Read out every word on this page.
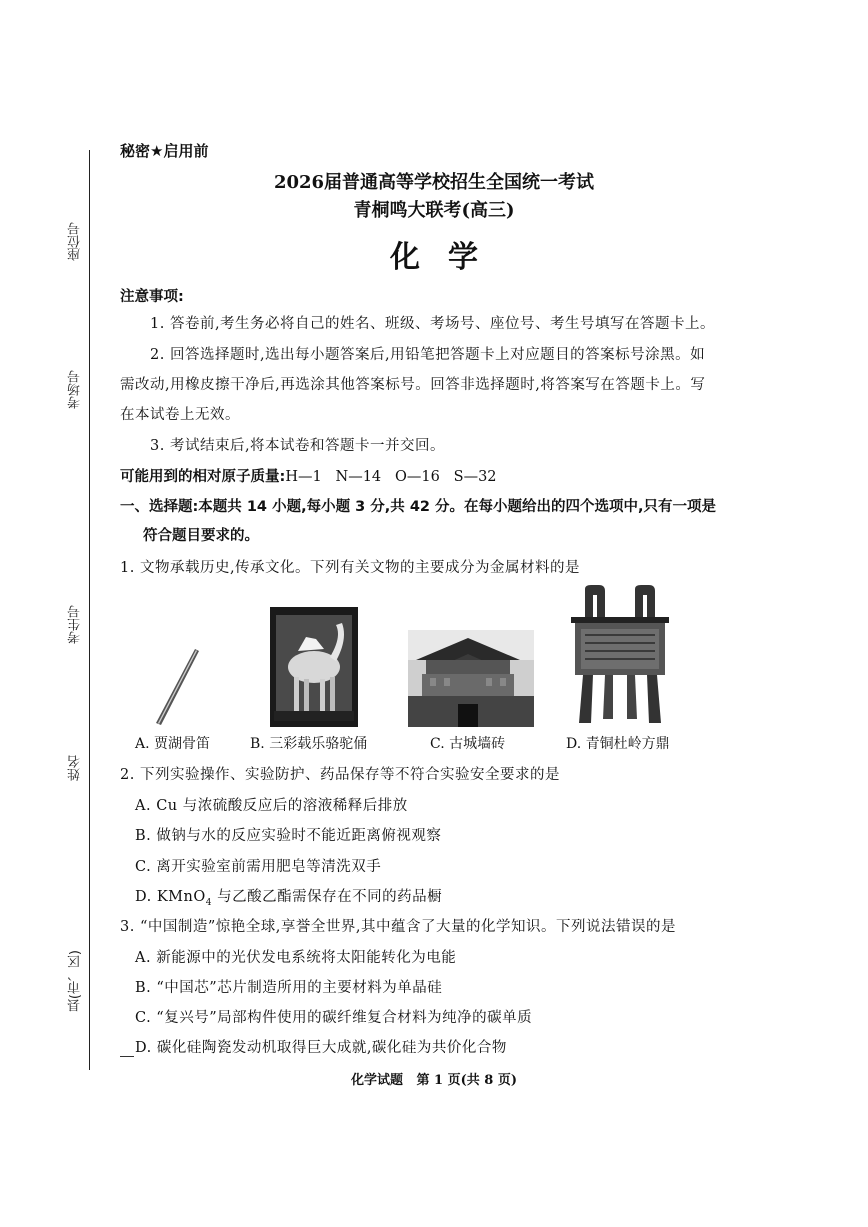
座位号
考场号
考生号
姓名
县(市、区)
秘密★启用前
2026届普通高等学校招生全国统一考试
青桐鸣大联考(高三)
化学
注意事项:
1. 答卷前,考生务必将自己的姓名、班级、考场号、座位号、考生号填写在答题卡上。
2. 回答选择题时,选出每小题答案后,用铅笔把答题卡上对应题目的答案标号涂黑。如
需改动,用橡皮擦干净后,再选涂其他答案标号。回答非选择题时,将答案写在答题卡上。写
在本试卷上无效。
3. 考试结束后,将本试卷和答题卡一并交回。
可能用到的相对原子质量:H—1   N—14   O—16   S—32
一、选择题:本题共 14 小题,每小题 3 分,共 42 分。在每小题给出的四个选项中,只有一项是
符合题目要求的。
1. 文物承载历史,传承文化。下列有关文物的主要成分为金属材料的是
A. 贾湖骨笛	B. 三彩载乐骆驼俑	C. 古城墙砖	D. 青铜杜岭方鼎
2. 下列实验操作、实验防护、药品保存等不符合实验安全要求的是
A. Cu 与浓硫酸反应后的溶液稀释后排放
B. 做钠与水的反应实验时不能近距离俯视观察
C. 离开实验室前需用肥皂等清洗双手
D. KMnO$_4$ 与乙酸乙酯需保存在不同的药品橱
3. “中国制造”惊艳全球,享誉全世界,其中蕴含了大量的化学知识。下列说法错误的是
A. 新能源中的光伏发电系统将太阳能转化为电能
B. “中国芯”芯片制造所用的主要材料为单晶硅
C. “复兴号”局部构件使用的碳纤维复合材料为纯净的碳单质
D. 碳化硅陶瓷发动机取得巨大成就,碳化硅为共价化合物
化学试题   第 1 页(共 8 页)
